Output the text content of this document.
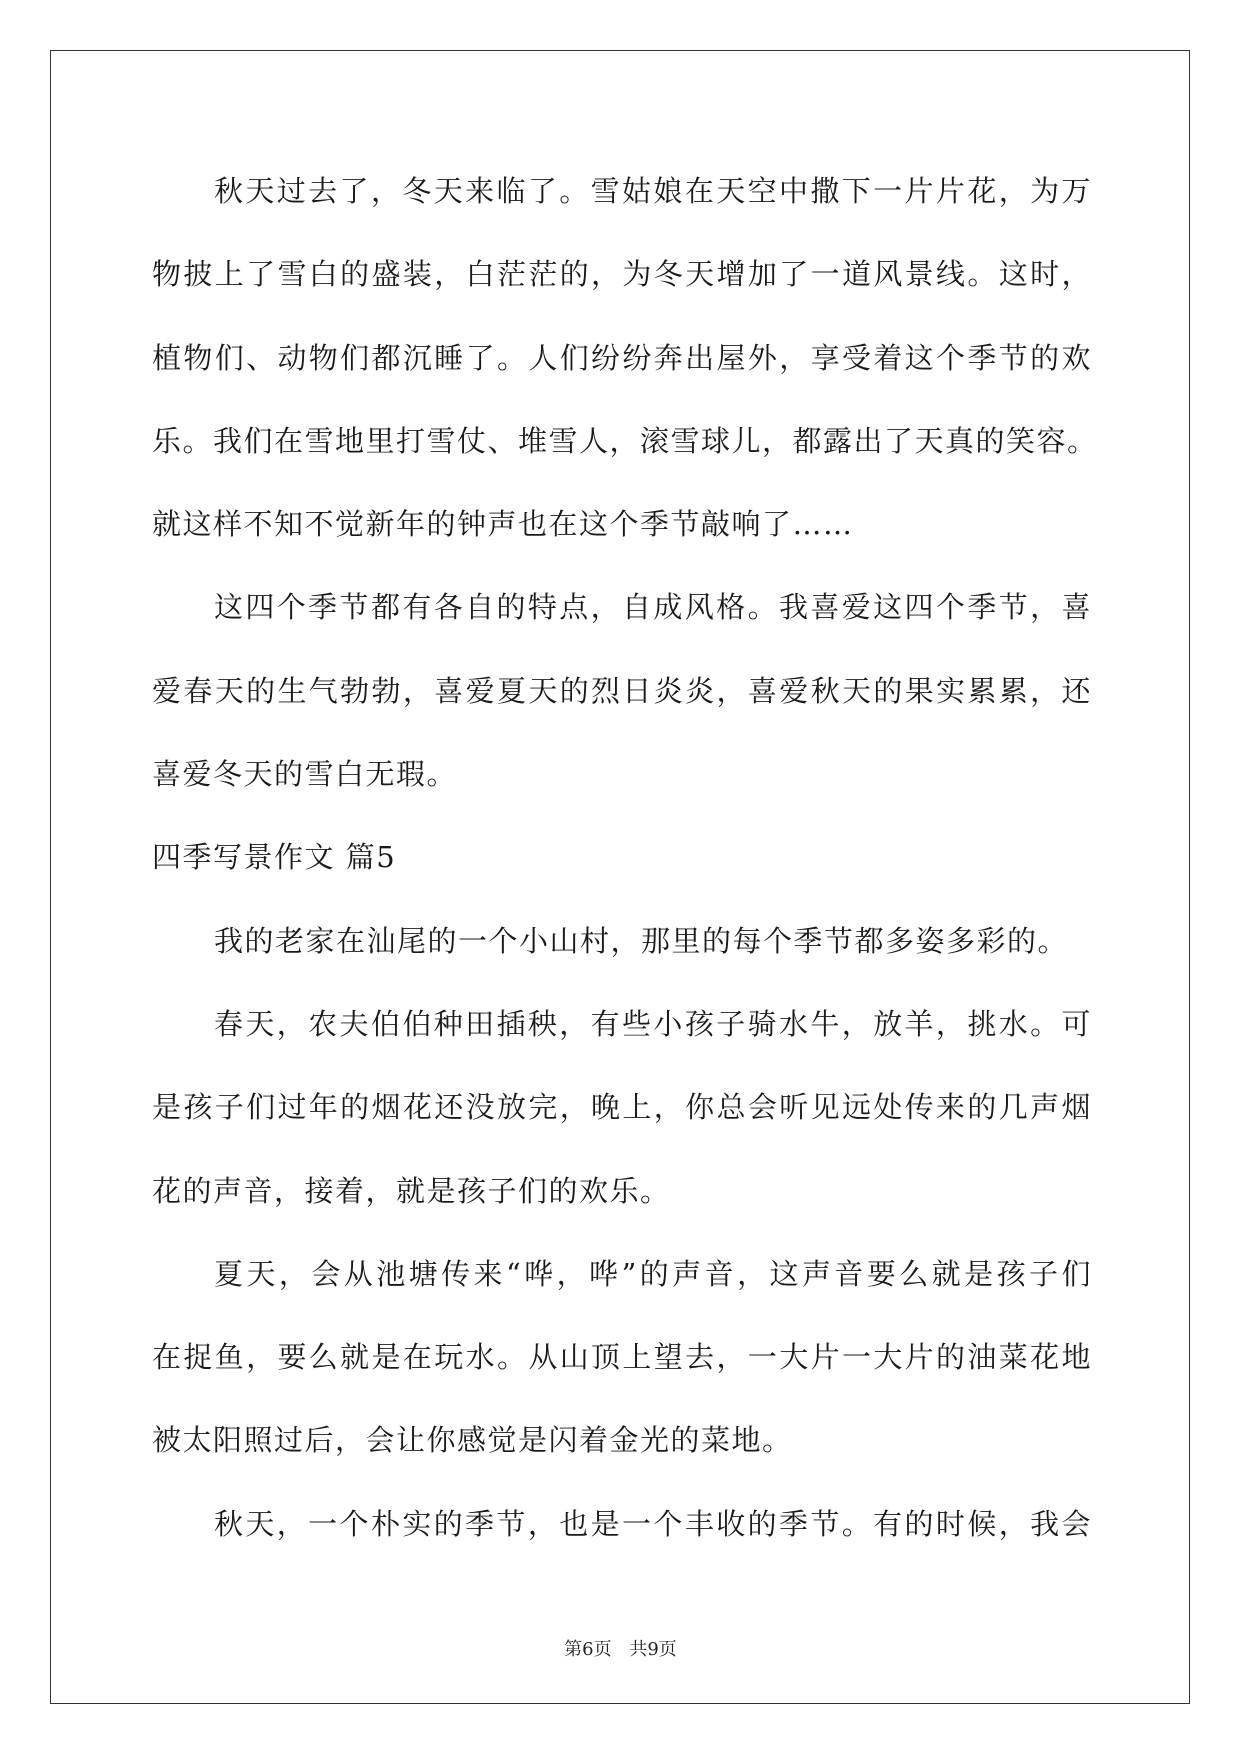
秋天过去了，冬天来临了。雪姑娘在天空中撒下一片片花，为万
物披上了雪白的盛装，白茫茫的，为冬天增加了一道风景线。这时，
植物们、动物们都沉睡了。人们纷纷奔出屋外，享受着这个季节的欢
乐。我们在雪地里打雪仗、堆雪人，滚雪球儿，都露出了天真的笑容。
就这样不知不觉新年的钟声也在这个季节敲响了……
这四个季节都有各自的特点，自成风格。我喜爱这四个季节，喜
爱春天的生气勃勃，喜爱夏天的烈日炎炎，喜爱秋天的果实累累，还
喜爱冬天的雪白无瑕。
四季写景作文 篇5
我的老家在汕尾的一个小山村，那里的每个季节都多姿多彩的。
春天，农夫伯伯种田插秧，有些小孩子骑水牛，放羊，挑水。可
是孩子们过年的烟花还没放完，晚上，你总会听见远处传来的几声烟
花的声音，接着，就是孩子们的欢乐。
夏天，会从池塘传来“哗，哗”的声音，这声音要么就是孩子们
在捉鱼，要么就是在玩水。从山顶上望去，一大片一大片的油菜花地
被太阳照过后，会让你感觉是闪着金光的菜地。
秋天，一个朴实的季节，也是一个丰收的季节。有的时候，我会
第6页 共9页
